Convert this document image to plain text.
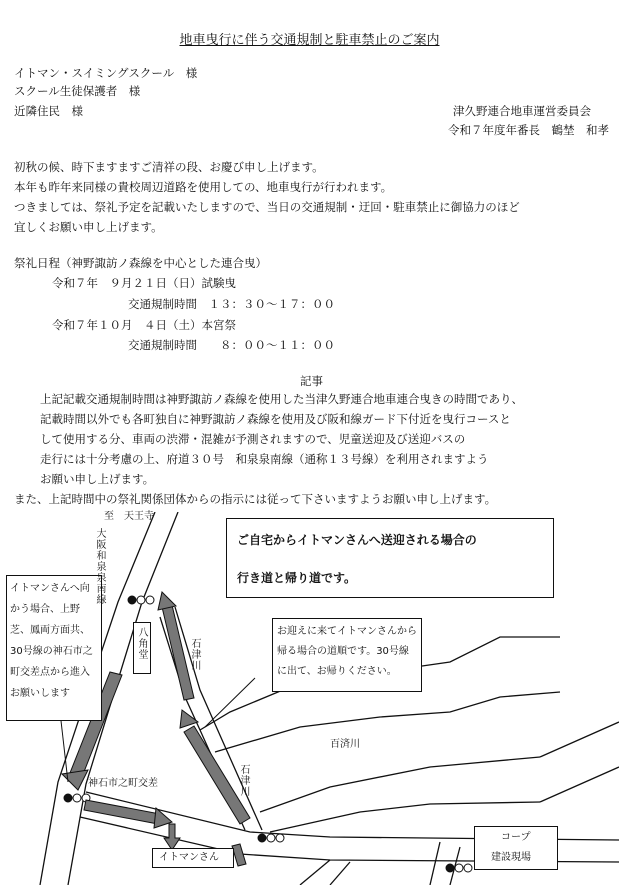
地車曳行に伴う交通規制と駐車禁止のご案内
イトマン・スイミングスクール　様
スクール生徒保護者　様
近隣住民　様	津久野連合地車運営委員会
令和７年度年番長　鶴埜　和孝
初秋の候、時下ますますご清祥の段、お慶び申し上げます。
本年も昨年来同様の貴校周辺道路を使用しての、地車曳行が行われます。
つきましては、祭礼予定を記載いたしますので、当日の交通規制・迂回・駐車禁止に御協力のほど
宜しくお願い申し上げます。
祭礼日程（神野諏訪ノ森線を中心とした連合曳）
令和７年　９月２１日（日）試験曳
交通規制時間　１３：３０～１７：００
令和７年１０月　４日（土）本宮祭
交通規制時間　　８：００～１１：００
記事
上記記載交通規制時間は神野諏訪ノ森線を使用した当津久野連合地車連合曳きの時間であり、
記載時間以外でも各町独自に神野諏訪ノ森線を使用及び阪和線ガード下付近を曳行コースと
して使用する分、車両の渋滞・混雑が予測されますので、児童送迎及び送迎バスの
走行には十分考慮の上、府道３０号　和泉泉南線（通称１３号線）を利用されますよう
お願い申し上げます。
また、上記時間中の祭礼関係団体からの指示には従って下さいますようお願い申し上げます。
ご自宅からイトマンさんへ送迎される場合の
行き道と帰り道です。
イトマンさんへ向かう場合、上野芝、鳳両方面共、30号線の神石市之町交差点から進入お願いします
お迎えに来てイトマンさんから帰る場合の道順です。30号線に出て、お帰りください。
至　天王寺
大阪和泉泉南線
八角堂	石津川
石津川
百済川
神石市之町交差
イトマンさん
コープ
建設現場
